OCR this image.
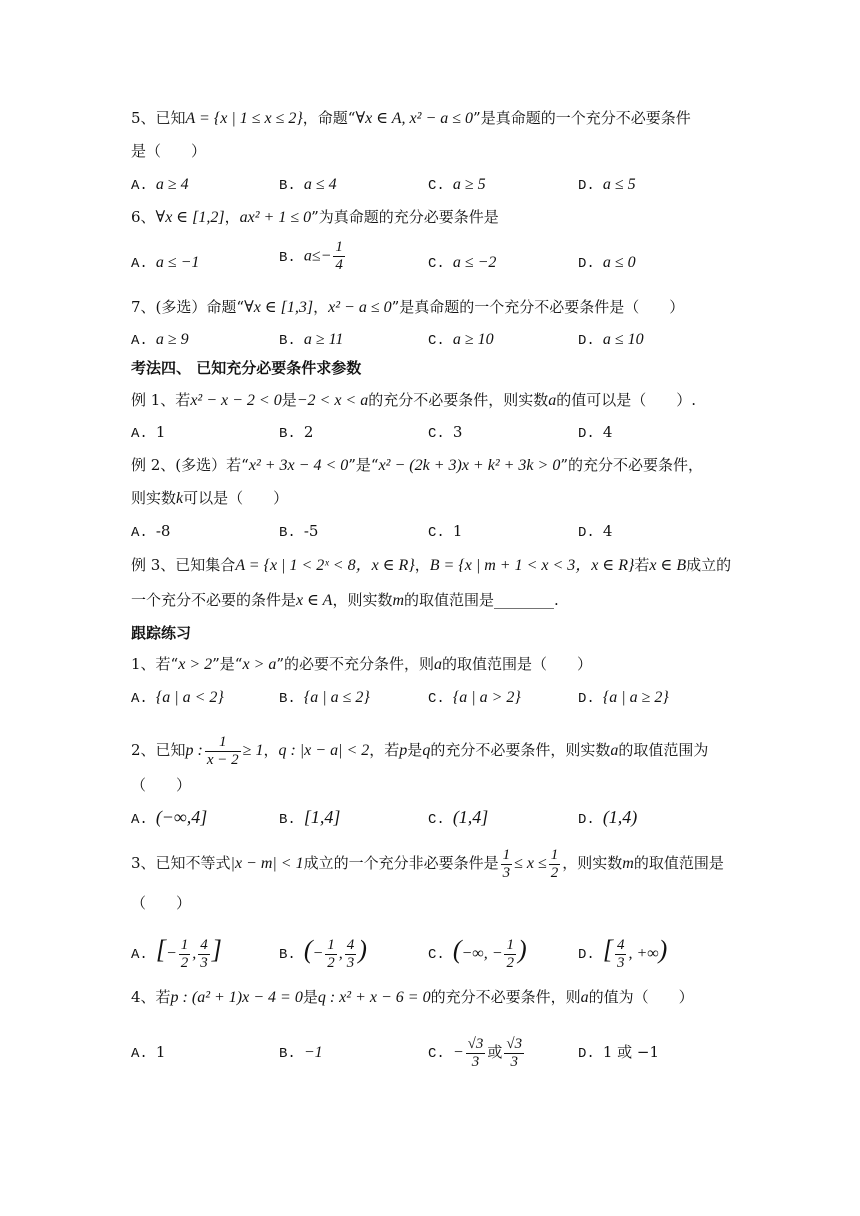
5、已知A = {x | 1 ≤ x ≤ 2}，命题“∀x ∈ A, x² − a ≤ 0”是真命题的一个充分不必要条件
是（　　）
A. a ≥ 4	B. a ≤ 4	C. a ≥ 5	D. a ≤ 5
6、∀x ∈ [1,2]，ax² + 1 ≤ 0”为真命题的充分必要条件是
A. a ≤ −1	B. $a\le- \frac{1}{4}$	C. a ≤ −2	D. a ≤ 0
7、(多选）命题“∀x ∈ [1,3]，x² − a ≤ 0”是真命题的一个充分不必要条件是（　　）
A. a ≥ 9	B. a ≥ 11	C. a ≥ 10	D. a ≤ 10
考法四、 已知充分必要条件求参数
例 1、若x² − x − 2 < 0是−2 < x < a的充分不必要条件，则实数a的值可以是（　　）.
A. 1	B. 2	C. 3	D. 4
例 2、(多选）若“x² + 3x − 4 < 0”是“x² − (2k + 3)x + k² + 3k > 0”的充分不必要条件，
则实数k可以是（　　）
A. -8	B. -5	C. 1	D. 4
例 3、已知集合A = {x | 1 < 2ˣ < 8，x ∈ R}，B = {x | m + 1 < x < 3，x ∈ R}若x ∈ B成立的
一个充分不必要的条件是x ∈ A，则实数m的取值范围是________.
跟踪练习
1、若“x > 2”是“x > a”的必要不充分条件，则a的取值范围是（　　）
A. {a | a < 2}	B. {a | a ≤ 2}	C. {a | a > 2}	D. {a | a ≥ 2}
2、已知p : $\frac{1}{x - 2} \ge 1$，q : |x − a| < 2，若p是q的充分不必要条件，则实数a的取值范围为
（　　）
A. (−∞,4]	B. [1,4]	C. (1,4]	D. (1,4)
3、已知不等式|x − m| < 1成立的一个充分非必要条件是 $\frac{1}{3} \le x \le \frac{1}{2}$ ，则实数m的取值范围是
（　　）
A. [− $\frac{1}{2}$ , $\frac{4}{3}$ ]	B. (− $\frac{1}{2}$ , $\frac{4}{3}$ )	C. (−∞, − $\frac{1}{2}$ )	D. [ $\frac{4}{3}$ , +∞)
4、若p : (a² + 1)x − 4 = 0是q : x² + x − 6 = 0的充分不必要条件，则a的值为（　　）
A. 1	B. −1	C. − $\frac{√3}{3}$ 或 $\frac{√3}{3}$	D. 1 或 −1
